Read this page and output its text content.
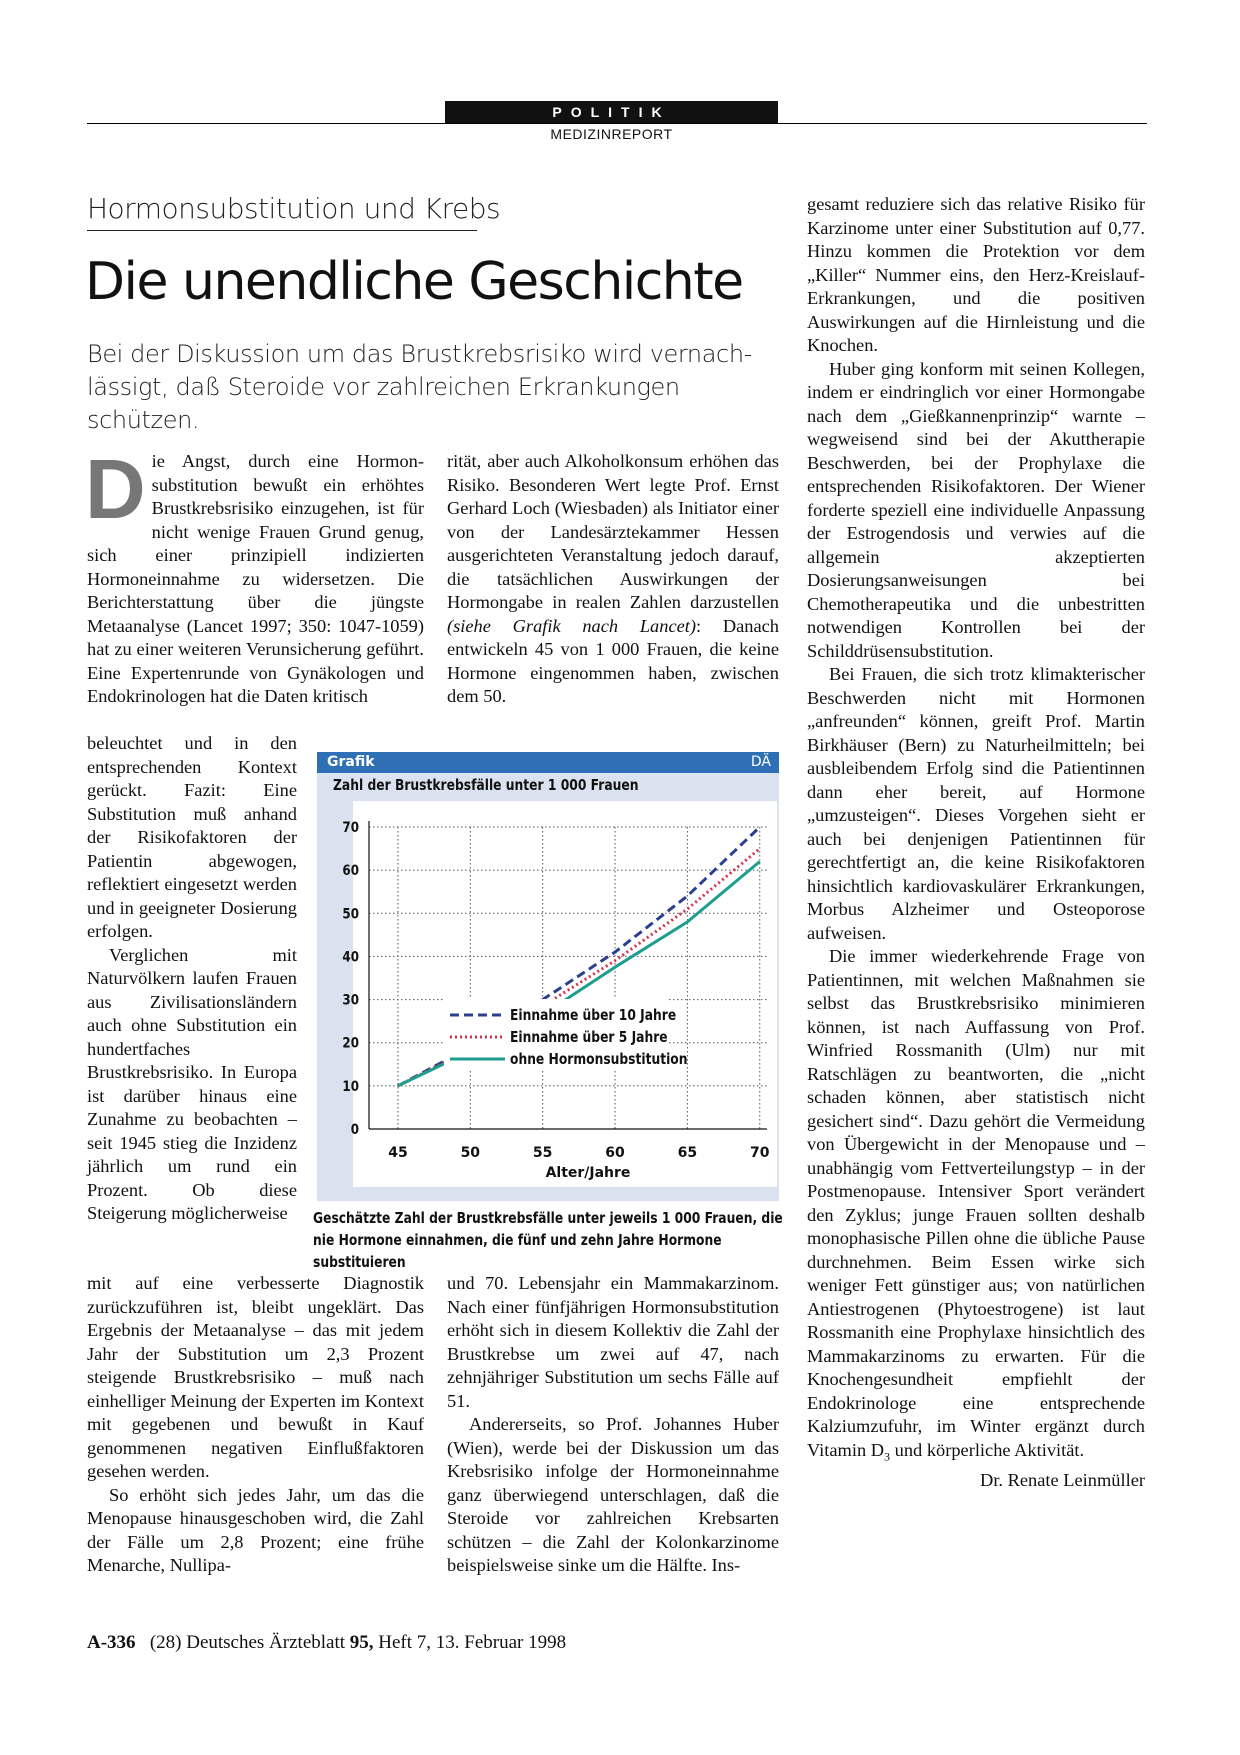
POLITIK
MEDIZINREPORT
Hormonsubstitution und Krebs
Die unendliche Geschichte
Bei der Diskussion um das Brustkrebsrisiko wird vernach- lässigt, daß Steroide vor zahlreichen Erkrankungen schützen.
D ie Angst, durch eine Hormonsubstitution bewußt ein erhöhtes Brustkrebsrisiko einzugehen, ist für nicht wenige Frauen Grund genug, sich einer prinzipiell indizierten Hormoneinnahme zu widersetzen. Die Berichterstattung über die jüngste Metaanalyse (Lancet 1997; 350: 1047-1059) hat zu einer weiteren Verunsicherung geführt. Eine Expertenrunde von Gynäkologen und Endokrinologen hat die Daten kritisch

beleuchtet und in den entsprechenden Kontext gerückt. Fazit: Eine Substitution muß anhand der Risikofaktoren der Patientin abgewogen, reflektiert eingesetzt werden und in geeigneter Dosierung erfolgen.

Verglichen mit Naturvölkern laufen Frauen aus Zivilisationsländern auch ohne Substitution ein hundertfaches Brustkrebsrisiko. In Europa ist darüber hinaus eine Zunahme zu beobachten – seit 1945 stieg die Inzidenz jährlich um rund ein Prozent. Ob diese Steigerung möglicherweise

mit auf eine verbesserte Diagnostik zurückzuführen ist, bleibt ungeklärt. Das Ergebnis der Metaanalyse – das mit jedem Jahr der Substitution um 2,3 Prozent steigende Brustkrebsrisiko – muß nach einhelliger Meinung der Experten im Kontext mit gegebenen und bewußt in Kauf genommenen negativen Einflußfaktoren gesehen werden.

So erhöht sich jedes Jahr, um das die Menopause hinausgeschoben wird, die Zahl der Fälle um 2,8 Prozent; eine frühe Menarche, Nullipa-

rität, aber auch Alkoholkonsum erhöhen das Risiko. Besonderen Wert legte Prof. Ernst Gerhard Loch (Wiesbaden) als Initiator einer von der Landesärztekammer Hessen ausgerichteten Veranstaltung jedoch darauf, die tatsächlichen Auswirkungen der Hormongabe in realen Zahlen darzustellen (siehe Grafik nach Lancet): Danach entwickeln 45 von 1 000 Frauen, die keine Hormone eingenommen haben, zwischen dem 50.

und 70. Lebensjahr ein Mammakarzinom. Nach einer fünfjährigen Hormonsubstitution erhöht sich in diesem Kollektiv die Zahl der Brustkrebse um zwei auf 47, nach zehnjähriger Substitution um sechs Fälle auf 51.

Andererseits, so Prof. Johannes Huber (Wien), werde bei der Diskussion um das Krebsrisiko infolge der Hormoneinnahme ganz überwiegend unterschlagen, daß die Steroide vor zahlreichen Krebsarten schützen – die Zahl der Kolonkarzinome beispielsweise sinke um die Hälfte. Ins-

gesamt reduziere sich das relative Risiko für Karzinome unter einer Substitution auf 0,77. Hinzu kommen die Protektion vor dem „Killer“ Nummer eins, den Herz-Kreislauf-Erkrankungen, und die positiven Auswirkungen auf die Hirnleistung und die Knochen.

Huber ging konform mit seinen Kollegen, indem er eindringlich vor einer Hormongabe nach dem „Gießkannenprinzip“ warnte – wegweisend sind bei der Akuttherapie Beschwerden, bei der Prophylaxe die entsprechenden Risikofaktoren. Der Wiener forderte speziell eine individuelle Anpassung der Estrogendosis und verwies auf die allgemein akzeptierten Dosierungsanweisungen bei Chemotherapeutika und die unbestritten notwendigen Kontrollen bei der Schilddrüsensubstitution.

Bei Frauen, die sich trotz klimakterischer Beschwerden nicht mit Hormonen „anfreunden“ können, greift Prof. Martin Birkhäuser (Bern) zu Naturheilmitteln; bei ausbleibendem Erfolg sind die Patientinnen dann eher bereit, auf Hormone „umzusteigen“. Dieses Vorgehen sieht er auch bei denjenigen Patientinnen für gerechtfertigt an, die keine Risikofaktoren hinsichtlich kardiovaskulärer Erkrankungen, Morbus Alzheimer und Osteoporose aufweisen.

Die immer wiederkehrende Frage von Patientinnen, mit welchen Maßnahmen sie selbst das Brustkrebsrisiko minimieren können, ist nach Auffassung von Prof. Winfried Rossmanith (Ulm) nur mit Ratschlägen zu beantworten, die „nicht schaden können, aber statistisch nicht gesichert sind“. Dazu gehört die Vermeidung von Übergewicht in der Menopause und – unabhängig vom Fettverteilungstyp – in der Postmenopause. Intensiver Sport verändert den Zyklus; junge Frauen sollten deshalb monophasische Pillen ohne die übliche Pause durchnehmen. Beim Essen wirke sich weniger Fett günstiger aus; von natürlichen Antiestrogenen (Phytoestrogene) ist laut Rossmanith eine Prophylaxe hinsichtlich des Mammakarzinoms zu erwarten. Für die Knochengesundheit empfiehlt der Endokrinologe eine entsprechende Kalziumzufuhr, im Winter ergänzt durch Vitamin $D_3$ und körperliche Aktivität.
Dr. Renate Leinmüller

Grafik	DÄ
Zahl der Brustkrebsfälle unter 1 000 Frauen
0
10
20
30
40
50
60
70
45	50	55	60	65	70
Alter/Jahre
Einnahme über 10 Jahre
Einnahme über 5 Jahre
ohne Hormonsubstitution
Geschätzte Zahl der Brustkrebsfälle unter jeweils 1 000 Frauen, die nie Hormone einnahmen, die fünf und zehn Jahre Hormone substituieren
A-336 (28) Deutsches Ärzteblatt 95, Heft 7, 13. Februar 1998
